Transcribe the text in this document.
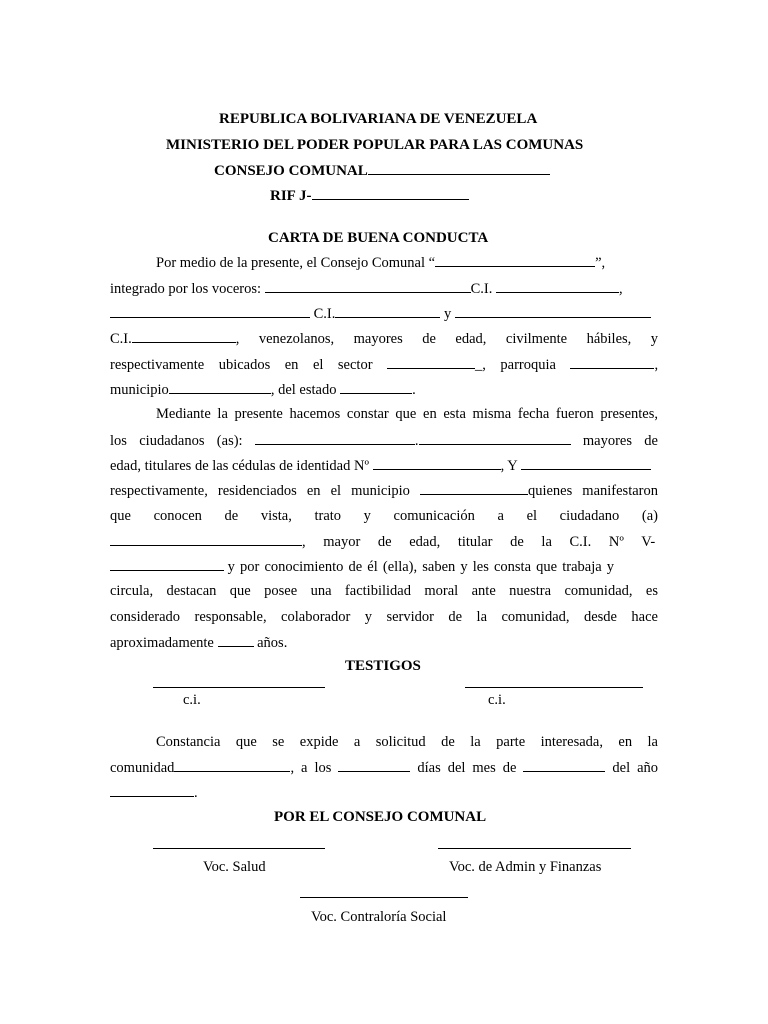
REPUBLICA BOLIVARIANA DE VENEZUELA
MINISTERIO DEL PODER POPULAR PARA LAS COMUNAS
CONSEJO COMUNAL
RIF J-
CARTA DE BUENA CONDUCTA
Por medio de la presente, el Consejo Comunal “	”,
integrado por los voceros:	C.I.	,
C.I.	y
C.I.	, venezolanos, mayores de edad, civilmente hábiles, y
respectivamente ubicados en el sector	_, parroquia	,
municipio	, del estado	.
Mediante la presente hacemos constar que en esta misma fecha fueron presentes,
los ciudadanos (as):	.	mayores de
edad, titulares de las cédulas de identidad Nº	, Y
respectivamente, residenciados en el municipio	quienes manifestaron
que conocen de vista, trato y comunicación a el ciudadano (a)
, mayor de edad, titular de la C.I. Nº V-
y por conocimiento de él (ella), saben y les consta que trabaja y
circula, destacan que posee una factibilidad moral ante nuestra comunidad, es
considerado responsable, colaborador y servidor de la comunidad, desde hace
aproximadamente	años.
TESTIGOS
c.i.	c.i.
Constancia que se expide a solicitud de la parte interesada, en la
comunidad	, a los	días del mes de	del año
.
POR EL CONSEJO COMUNAL
Voc. Salud	Voc. de Admin y Finanzas
Voc. Contraloría Social
